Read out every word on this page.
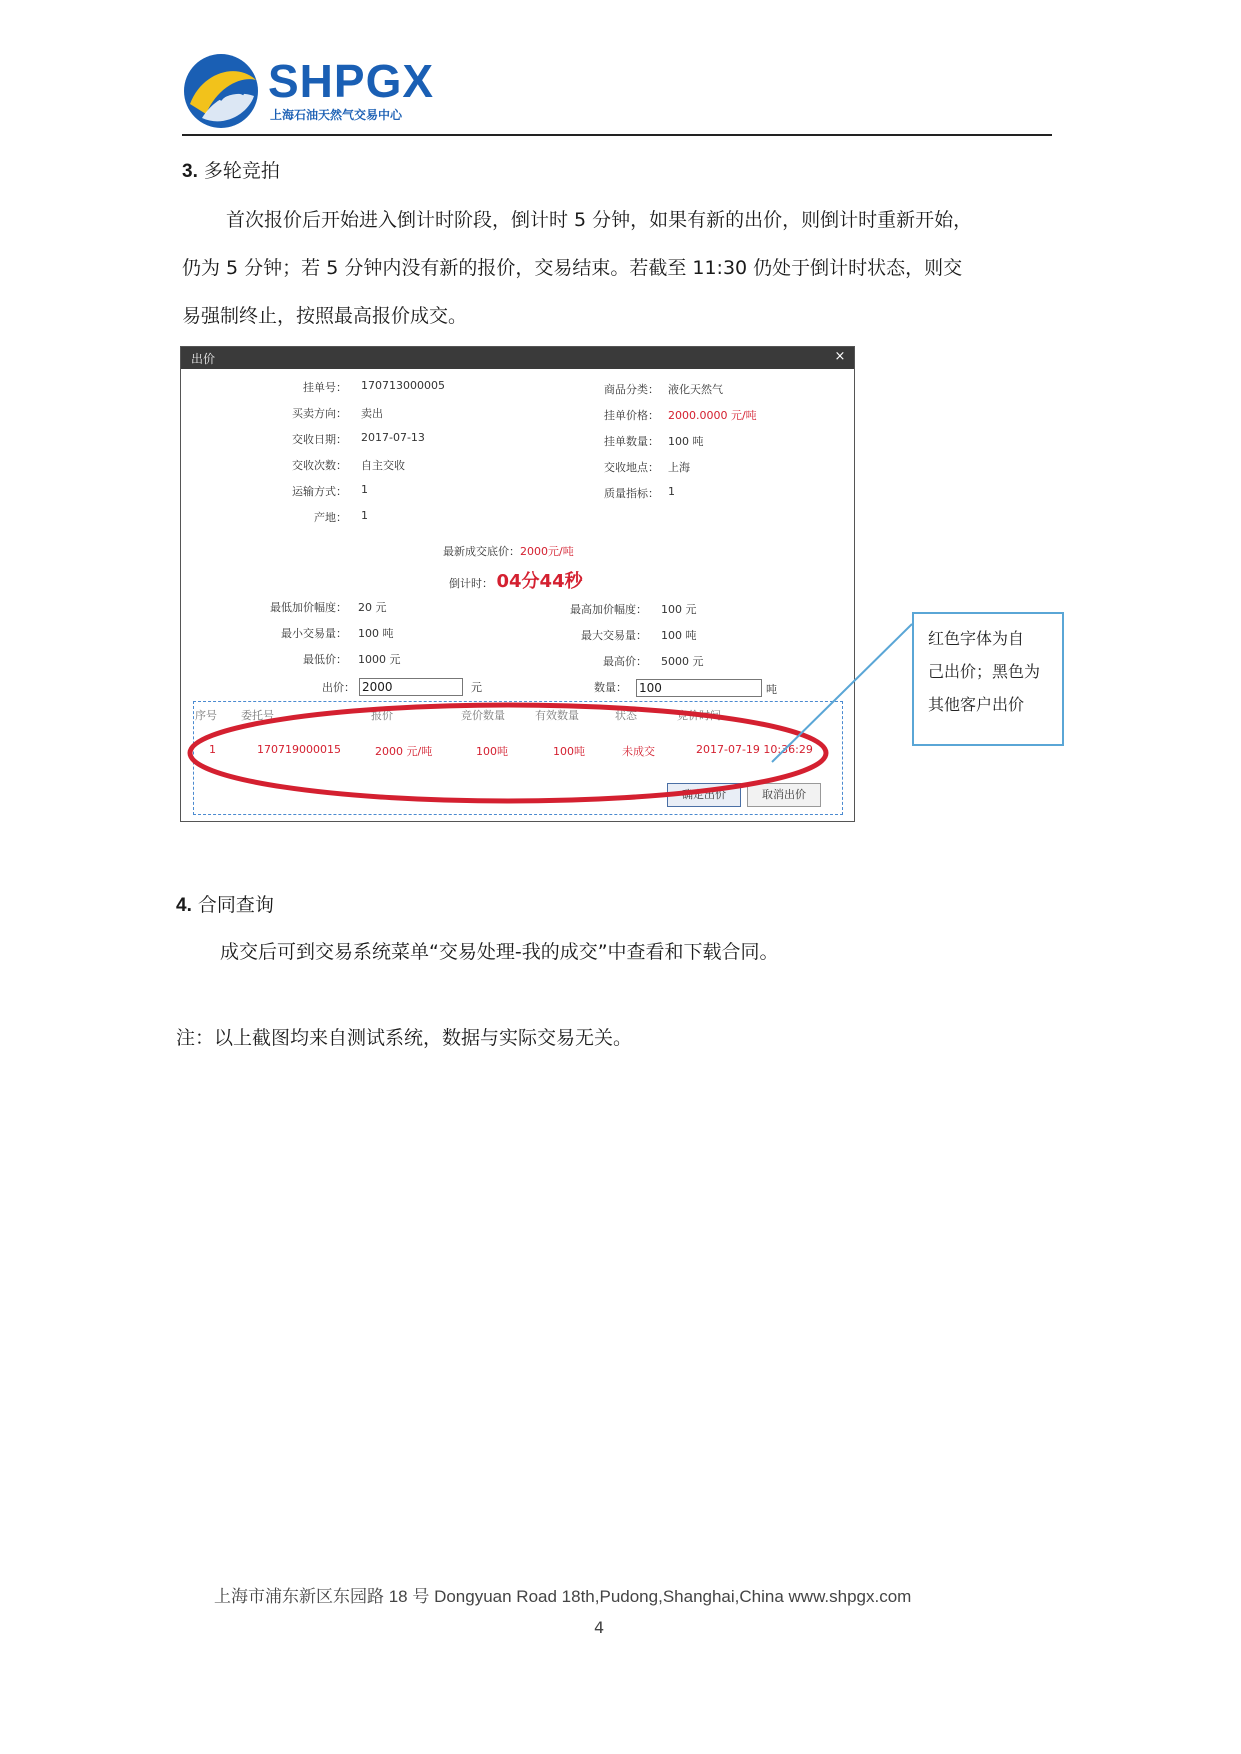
SHPGX
上海石油天然气交易中心
3. 多轮竞拍
首次报价后开始进入倒计时阶段，倒计时 5 分钟，如果有新的出价，则倒计时重新开始，
仍为 5 分钟；若 5 分钟内没有新的报价，交易结束。若截至 11:30 仍处于倒计时状态，则交
易强制终止，按照最高报价成交。
出价	×
挂单号： 170713000005
买卖方向： 卖出
交收日期： 2017-07-13
交收次数： 自主交收
运输方式： 1
产地： 1
商品分类： 液化天然气
挂单价格： 2000.0000 元/吨
挂单数量： 100 吨
交收地点： 上海
质量指标： 1
最新成交底价：2000元/吨
倒计时： 04分44秒
最低加价幅度： 20 元
最小交易量： 100 吨
最低价： 1000 元
最高加价幅度： 100 元
最大交易量： 100 吨
最高价： 5000 元
出价： 2000	元	数量： 100	吨
序号 委托号	报价	竞价数量	有效数量	状态	竞价时间
1	170719000015	2000 元/吨	100吨	100吨	未成交	2017-07-19 10:36:29
确定出价	取消出价
红色字体为自
己出价；黑色为
其他客户出价
4. 合同查询
成交后可到交易系统菜单“交易处理-我的成交”中查看和下载合同。
注：以上截图均来自测试系统，数据与实际交易无关。
上海市浦东新区东园路 18 号 Dongyuan Road 18th,Pudong,Shanghai,China www.shpgx.com
4
